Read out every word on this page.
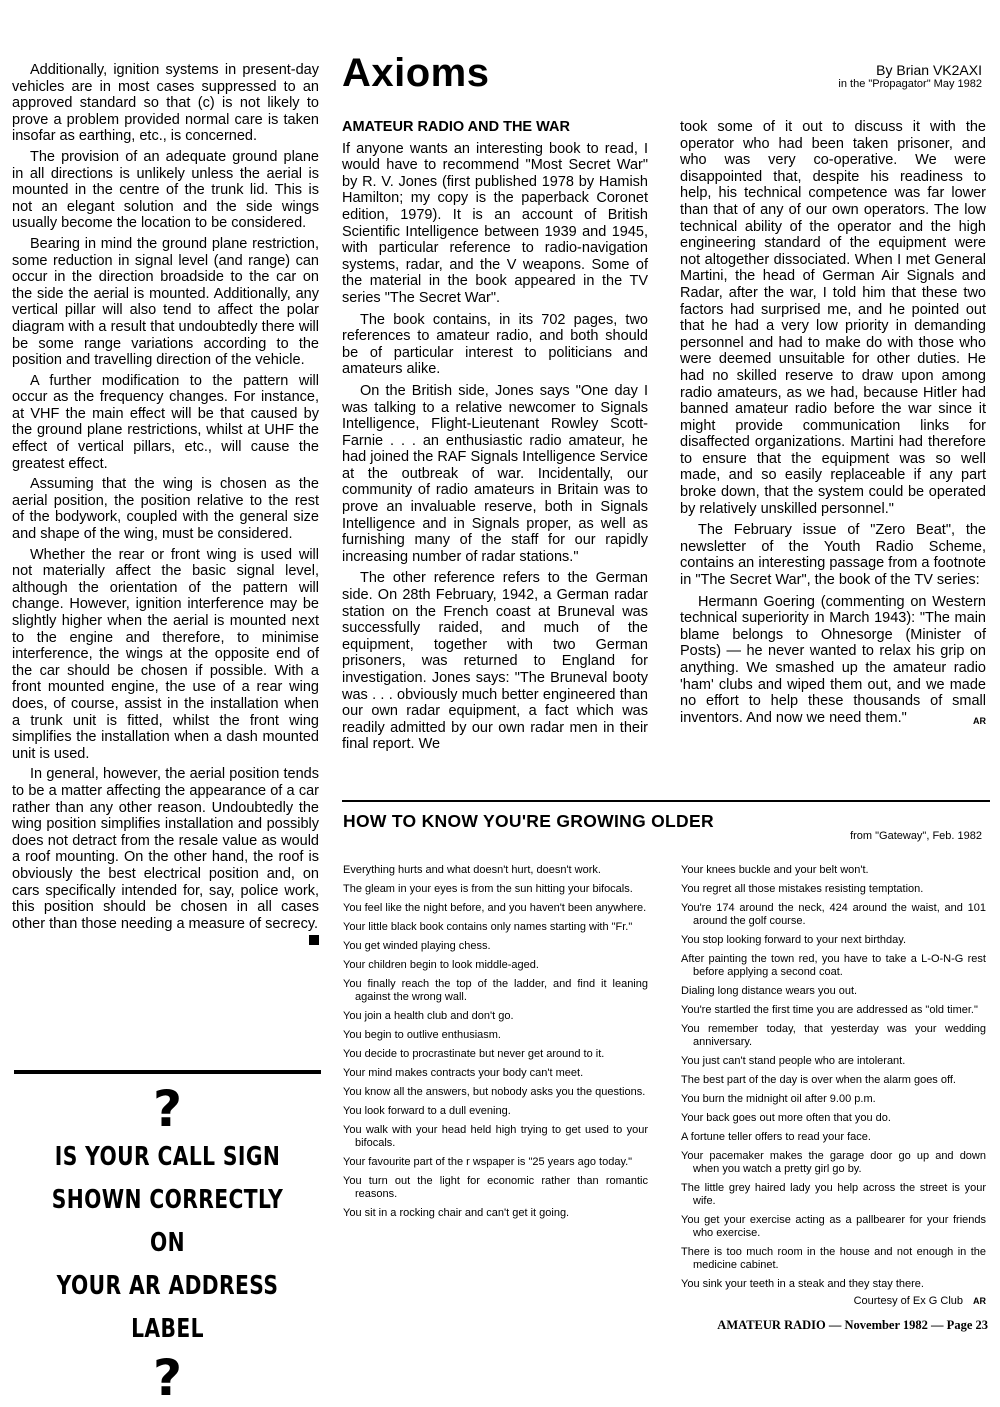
Additionally, ignition systems in present-day vehicles are in most cases suppressed to an approved standard so that (c) is not likely to prove a problem provided normal care is taken insofar as earthing, etc., is concerned.

The provision of an adequate ground plane in all directions is unlikely unless the aerial is mounted in the centre of the trunk lid. This is not an elegant solution and the side wings usually become the location to be considered.

Bearing in mind the ground plane restriction, some reduction in signal level (and range) can occur in the direction broadside to the car on the side the aerial is mounted. Additionally, any vertical pillar will also tend to affect the polar diagram with a result that undoubtedly there will be some range variations according to the position and travelling direction of the vehicle.

A further modification to the pattern will occur as the frequency changes. For instance, at VHF the main effect will be that caused by the ground plane restrictions, whilst at UHF the effect of vertical pillars, etc., will cause the greatest effect.

Assuming that the wing is chosen as the aerial position, the position relative to the rest of the bodywork, coupled with the general size and shape of the wing, must be considered.

Whether the rear or front wing is used will not materially affect the basic signal level, although the orientation of the pattern will change. However, ignition interference may be slightly higher when the aerial is mounted next to the engine and therefore, to minimise interference, the wings at the opposite end of the car should be chosen if possible. With a front mounted engine, the use of a rear wing does, of course, assist in the installation when a trunk unit is fitted, whilst the front wing simplifies the installation when a dash mounted unit is used.

In general, however, the aerial position tends to be a matter affecting the appearance of a car rather than any other reason. Undoubtedly the wing position simplifies installation and possibly does not detract from the resale value as would a roof mounting. On the other hand, the roof is obviously the best electrical position and, on cars specifically intended for, say, police work, this position should be chosen in all cases other than those needing a measure of secrecy.

?
IS YOUR CALL SIGN
SHOWN CORRECTLY ON
YOUR AR ADDRESS LABEL
?
Axioms	By Brian VK2AXI
in the "Propagator" May 1982

AMATEUR RADIO AND THE WAR

If anyone wants an interesting book to read, I would have to recommend "Most Secret War" by R. V. Jones (first published 1978 by Hamish Hamilton; my copy is the paperback Coronet edition, 1979). It is an account of British Scientific Intelligence between 1939 and 1945, with particular reference to radio-navigation systems, radar, and the V weapons. Some of the material in the book appeared in the TV series "The Secret War".

The book contains, in its 702 pages, two references to amateur radio, and both should be of particular interest to politicians and amateurs alike.

On the British side, Jones says "One day I was talking to a relative newcomer to Signals Intelligence, Flight-Lieutenant Rowley Scott-Farnie . . . an enthusiastic radio amateur, he had joined the RAF Signals Intelligence Service at the outbreak of war. Incidentally, our community of radio amateurs in Britain was to prove an invaluable reserve, both in Signals Intelligence and in Signals proper, as well as furnishing many of the staff for our rapidly increasing number of radar stations."

The other reference refers to the German side. On 28th February, 1942, a German radar station on the French coast at Bruneval was successfully raided, and much of the equipment, together with two German prisoners, was returned to England for investigation. Jones says: "The Bruneval booty was . . . obviously much better engineered than our own radar equipment, a fact which was readily admitted by our own radar men in their final report. We

took some of it out to discuss it with the operator who had been taken prisoner, and who was very co-operative. We were disappointed that, despite his readiness to help, his technical competence was far lower than that of any of our own operators. The low technical ability of the operator and the high engineering standard of the equipment were not altogether dissociated. When I met General Martini, the head of German Air Signals and Radar, after the war, I told him that these two factors had surprised me, and he pointed out that he had a very low priority in demanding personnel and had to make do with those who were deemed unsuitable for other duties. He had no skilled reserve to draw upon among radio amateurs, as we had, because Hitler had banned amateur radio before the war since it might provide communication links for disaffected organizations. Martini had therefore to ensure that the equipment was so well made, and so easily replaceable if any part broke down, that the system could be operated by relatively unskilled personnel."

The February issue of "Zero Beat", the newsletter of the Youth Radio Scheme, contains an interesting passage from a footnote in "The Secret War", the book of the TV series:

Hermann Goering (commenting on Western technical superiority in March 1943): "The main blame belongs to Ohnesorge (Minister of Posts) — he never wanted to relax his grip on anything. We smashed up the amateur radio 'ham' clubs and wiped them out, and we made no effort to help these thousands of small inventors. And now we need them."	AR

HOW TO KNOW YOU'RE GROWING OLDER
from "Gateway", Feb. 1982
Everything hurts and what doesn't hurt, doesn't work.
The gleam in your eyes is from the sun hitting your bifocals.
You feel like the night before, and you haven't been anywhere.
Your little black book contains only names starting with "Fr."
You get winded playing chess.
Your children begin to look middle-aged.
You finally reach the top of the ladder, and find it leaning against the wrong wall.
You join a health club and don't go.
You begin to outlive enthusiasm.
You decide to procrastinate but never get around to it.
Your mind makes contracts your body can't meet.
You know all the answers, but nobody asks you the questions.
You look forward to a dull evening.
You walk with your head held high trying to get used to your bifocals.
Your favourite part of the r wspaper is "25 years ago today."
You turn out the light for economic rather than romantic reasons.
You sit in a rocking chair and can't get it going.
Your knees buckle and your belt won't.
You regret all those mistakes resisting temptation.
You're 174 around the neck, 424 around the waist, and 101 around the golf course.
You stop looking forward to your next birthday.
After painting the town red, you have to take a L-O-N-G rest before applying a second coat.
Dialing long distance wears you out.
You're startled the first time you are addressed as "old timer."
You remember today, that yesterday was your wedding anniversary.
You just can't stand people who are intolerant.
The best part of the day is over when the alarm goes off.
You burn the midnight oil after 9.00 p.m.
Your back goes out more often that you do.
A fortune teller offers to read your face.
Your pacemaker makes the garage door go up and down when you watch a pretty girl go by.
The little grey haired lady you help across the street is your wife.
You get your exercise acting as a pallbearer for your friends who exercise.
There is too much room in the house and not enough in the medicine cabinet.
You sink your teeth in a steak and they stay there.
Courtesy of Ex G Club AR
AMATEUR RADIO — November 1982 — Page 23
